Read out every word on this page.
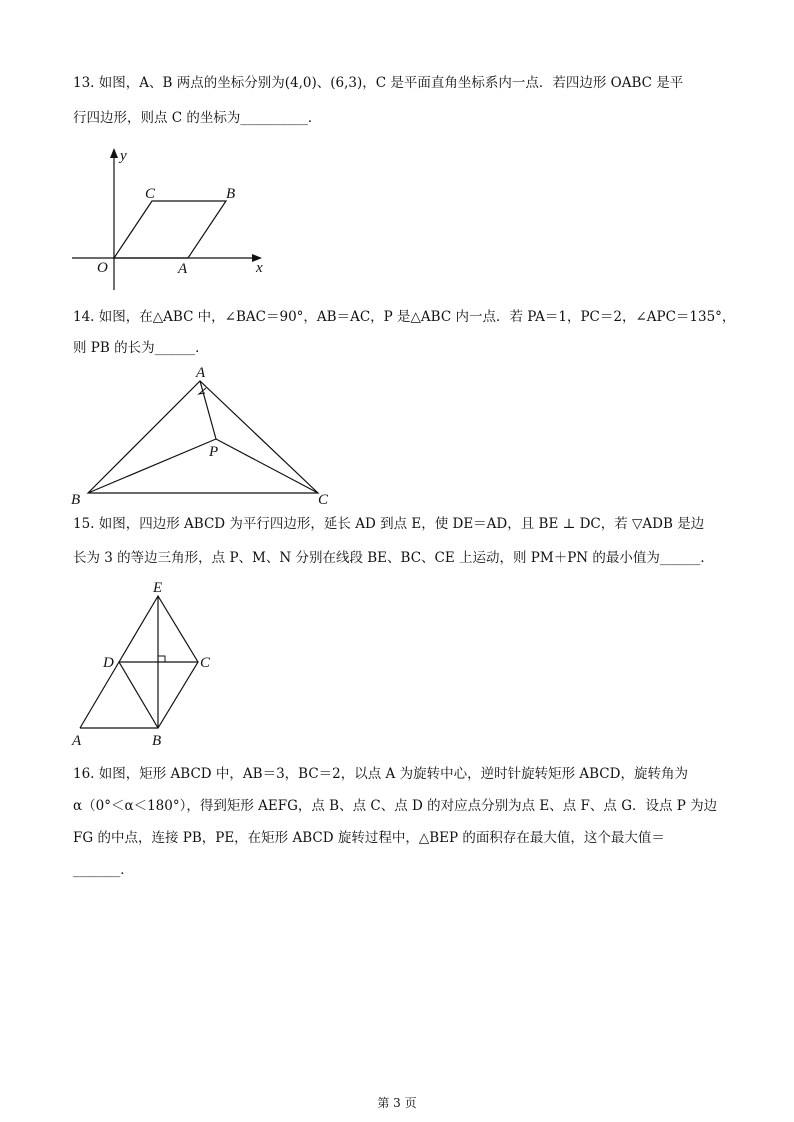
13. 如图，A、B 两点的坐标分别为(4,0)、(6,3)，C 是平面直角坐标系内一点．若四边形 OABC 是平
行四边形，则点 C 的坐标为__________．
y
x
O	A
B
C
14. 如图，在△ABC 中，∠BAC＝90°，AB＝AC，P 是△ABC 内一点．若 PA＝1，PC＝2，∠APC＝135°，
则 PB 的长为______．
A
B	C
P
15. 如图，四边形 ABCD 为平行四边形，延长 AD 到点 E，使 DE＝AD，且 BE ⊥ DC，若 ▽ADB 是边
长为 3 的等边三角形，点 P、M、N 分别在线段 BE、BC、CE 上运动，则 PM＋PN 的最小值为______．
E
D	C
A	B
16. 如图，矩形 ABCD 中，AB＝3，BC＝2，以点 A 为旋转中心，逆时针旋转矩形 ABCD，旋转角为
α（0°＜α＜180°），得到矩形 AEFG，点 B、点 C、点 D 的对应点分别为点 E、点 F、点 G．设点 P 为边
FG 的中点，连接 PB，PE，在矩形 ABCD 旋转过程中，△BEP 的面积存在最大值，这个最大值＝
_______．
第 3 页
